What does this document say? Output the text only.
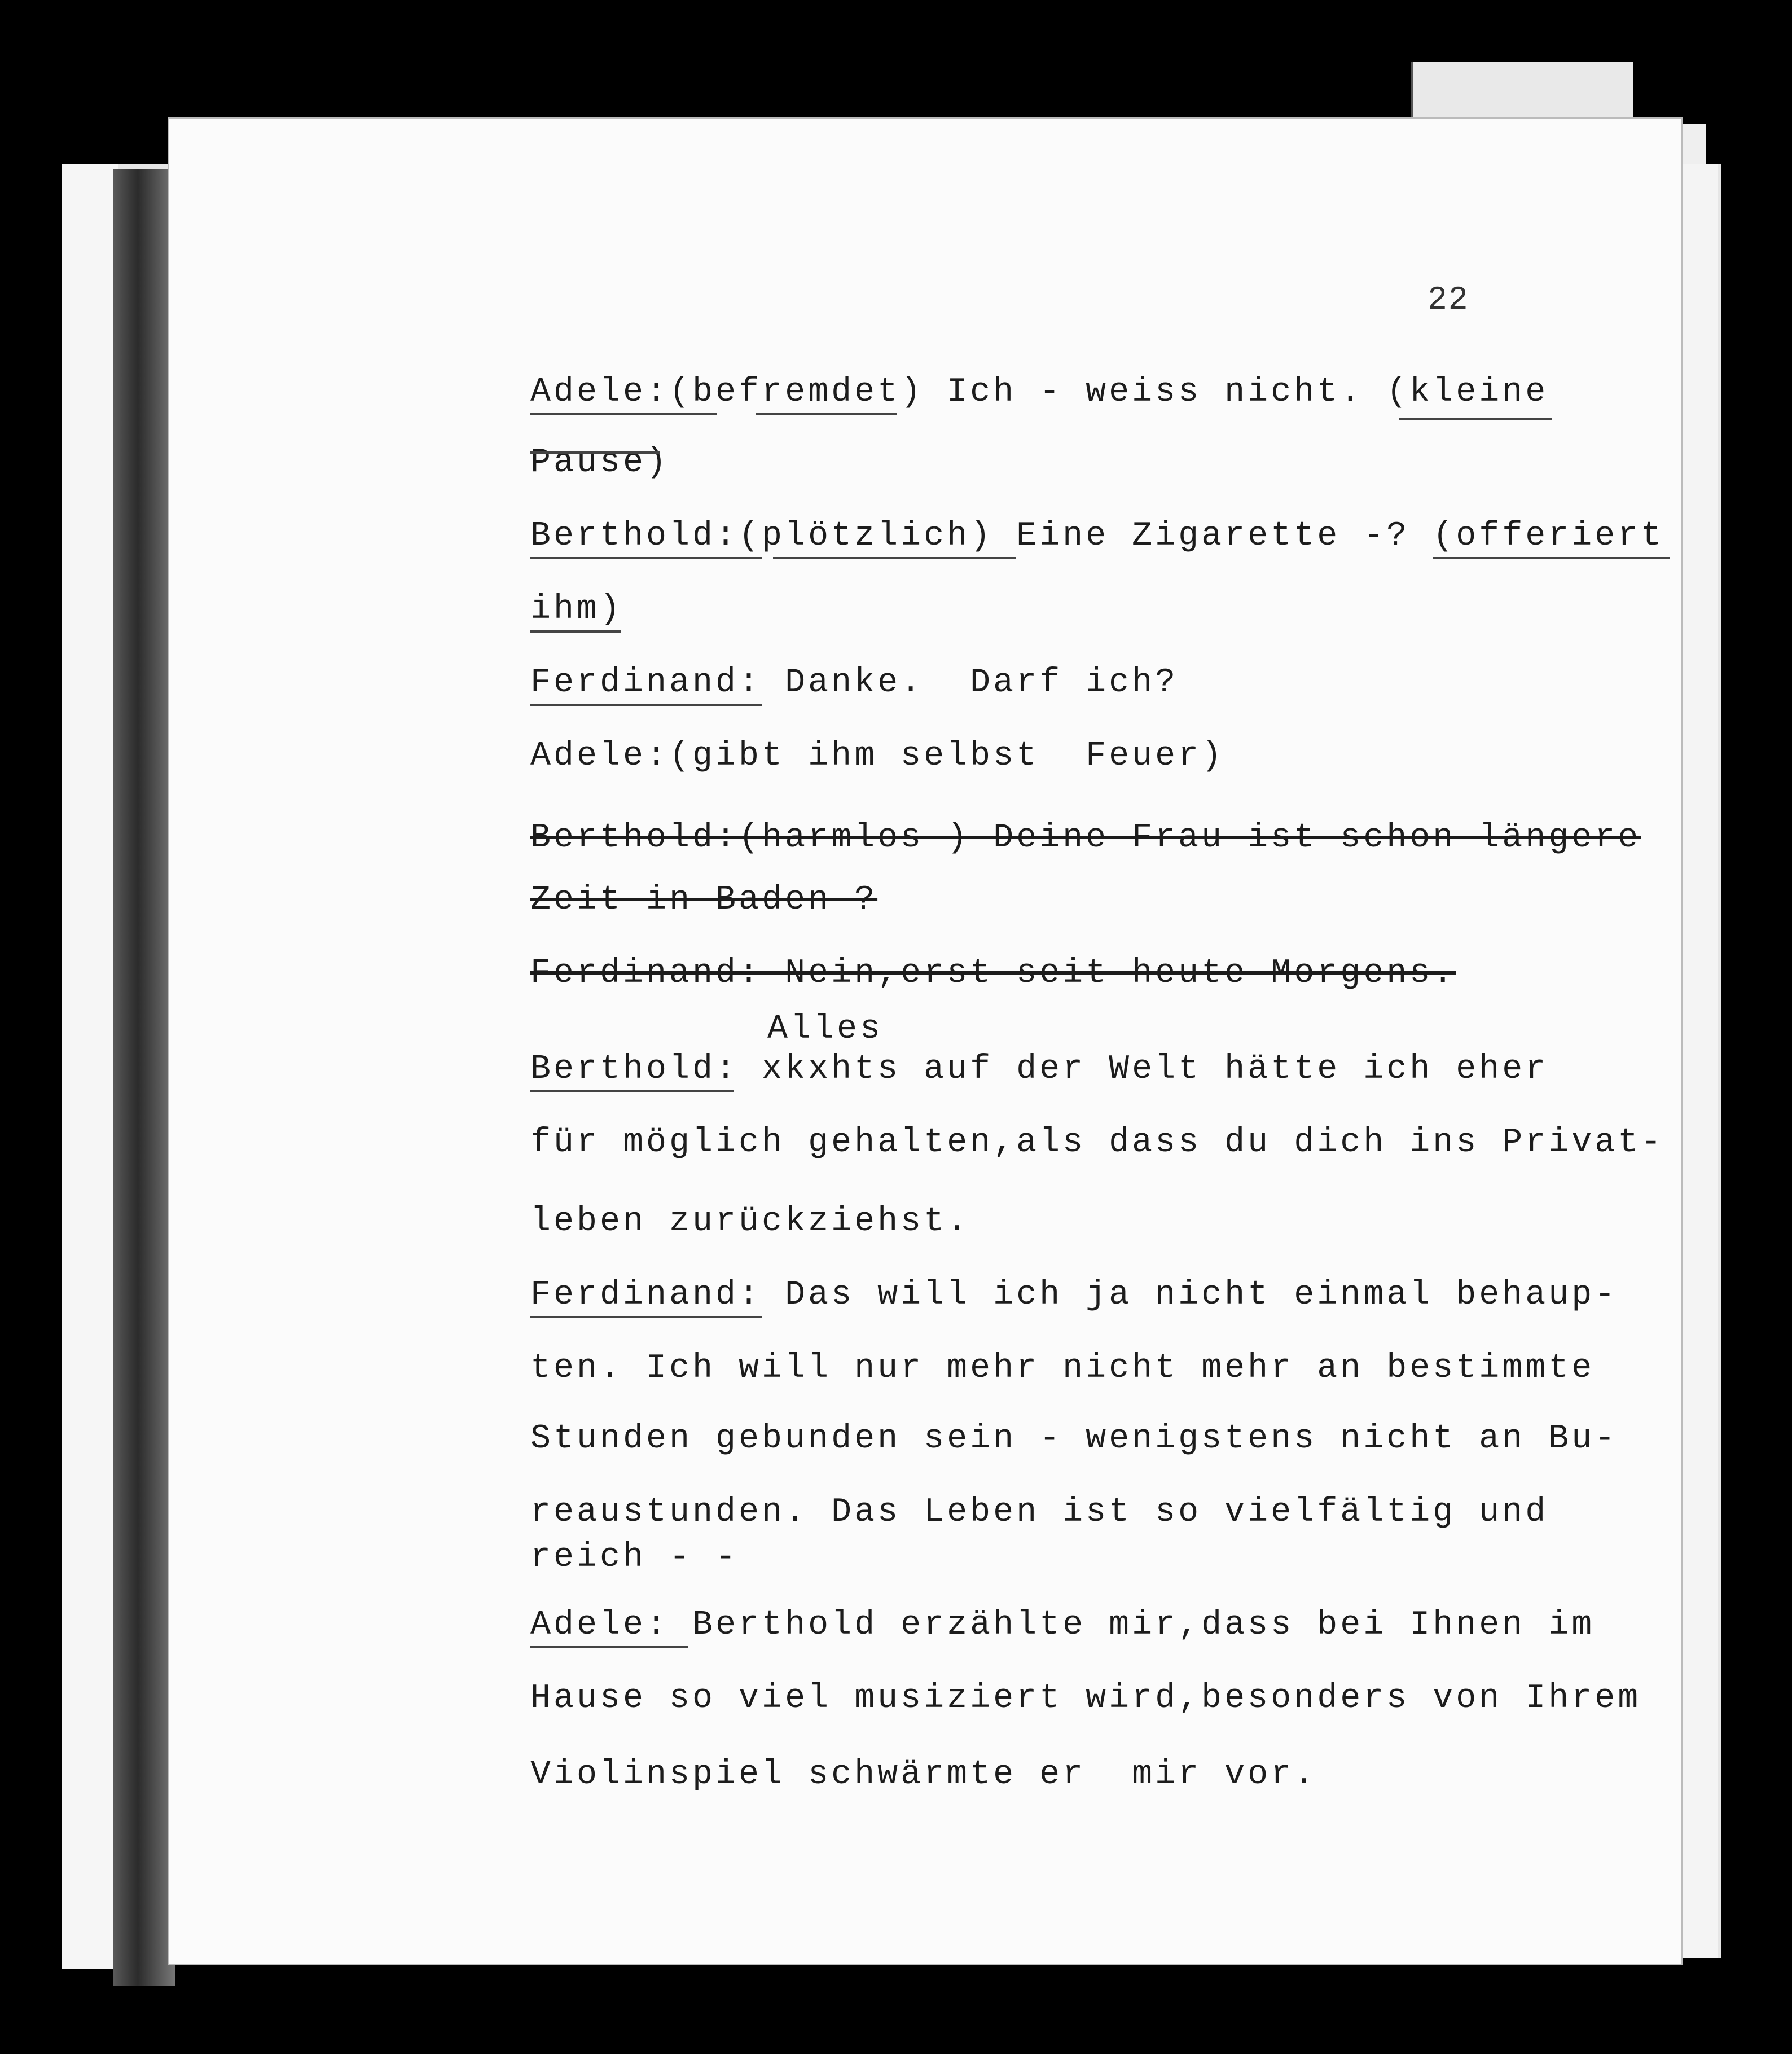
22
Adele:(befremdet) Ich - weiss nicht. (kleine
Pause)
Berthold:(plötzlich) Eine Zigarette -? (offeriert
ihm)
Ferdinand: Danke.  Darf ich?
Adele:(gibt ihm selbst  Feuer)
Berthold:(harmlos ) Deine Frau ist schon längere
Zeit in Baden ?
Ferdinand: Nein,erst seit heute Morgens.
Alles
Berthold: xkxhts auf der Welt hätte ich eher
für möglich gehalten,als dass du dich ins Privat-
leben zurückziehst.
Ferdinand: Das will ich ja nicht einmal behaup-
ten. Ich will nur mehr nicht mehr an bestimmte
Stunden gebunden sein - wenigstens nicht an Bu-
reaustunden. Das Leben ist so vielfältig und
reich - -
Adele: Berthold erzählte mir,dass bei Ihnen im
Hause so viel musiziert wird,besonders von Ihrem
Violinspiel schwärmte er  mir vor.
